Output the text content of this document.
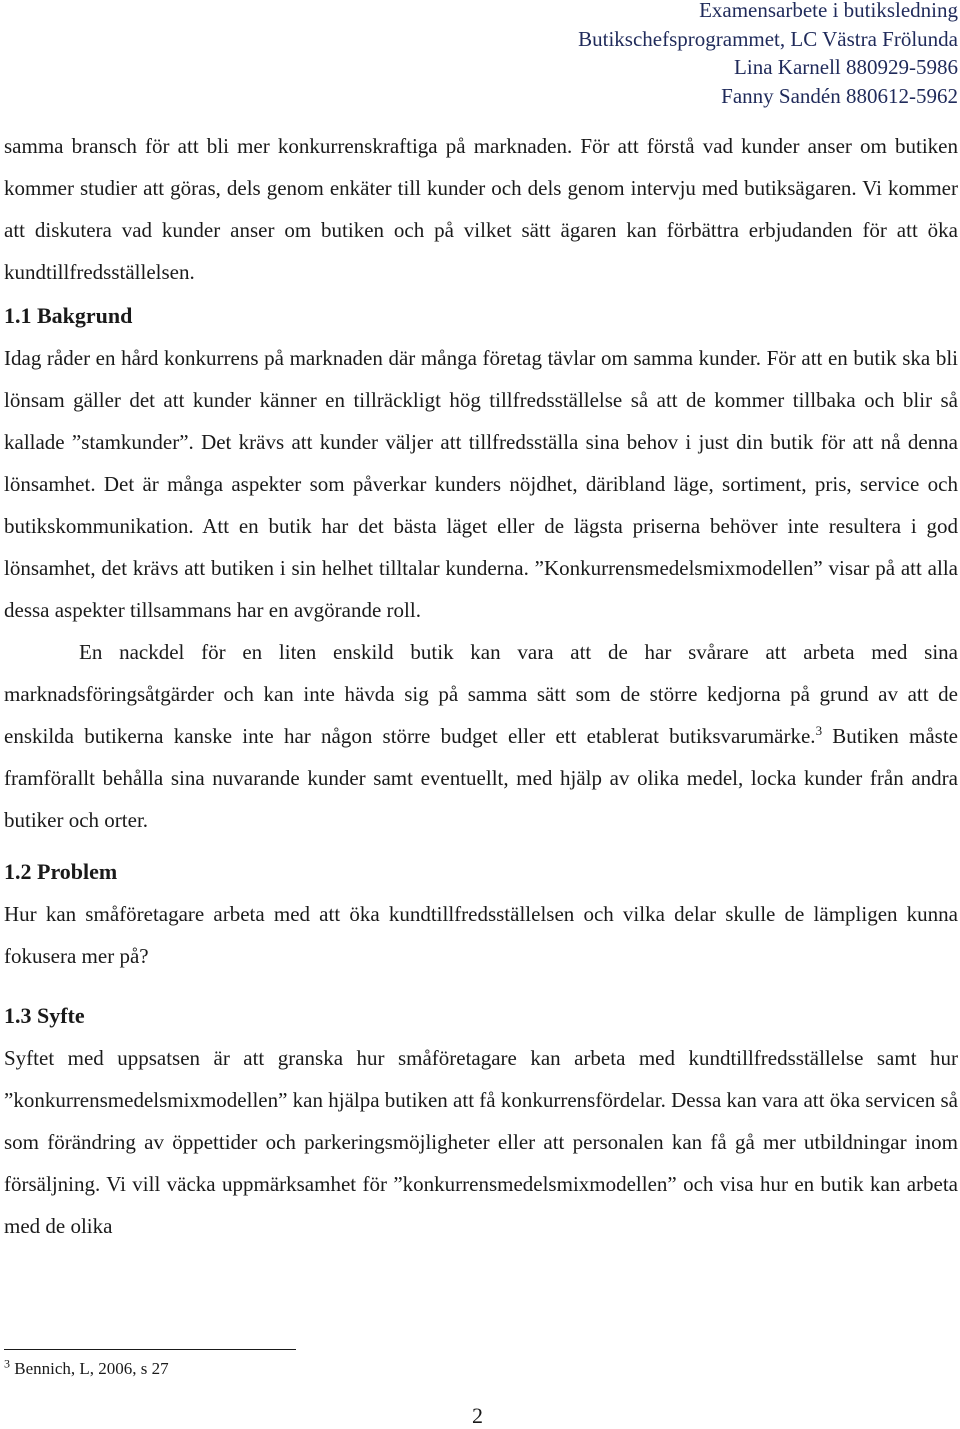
Examensarbete i butiksledning
Butikschefsprogrammet, LC Västra Frölunda
Lina Karnell 880929-5986
Fanny Sandén 880612-5962

samma bransch för att bli mer konkurrenskraftiga på marknaden. För att förstå vad kunder anser om butiken kommer studier att göras, dels genom enkäter till kunder och dels genom intervju med butiksägaren. Vi kommer att diskutera vad kunder anser om butiken och på vilket sätt ägaren kan förbättra erbjudanden för att öka kundtillfredsställelsen.

1.1 Bakgrund

Idag råder en hård konkurrens på marknaden där många företag tävlar om samma kunder. För att en butik ska bli lönsam gäller det att kunder känner en tillräckligt hög tillfredsställelse så att de kommer tillbaka och blir så kallade ”stamkunder”. Det krävs att kunder väljer att tillfredsställa sina behov i just din butik för att nå denna lönsamhet. Det är många aspekter som påverkar kunders nöjdhet, däribland läge, sortiment, pris, service och butikskommunikation. Att en butik har det bästa läget eller de lägsta priserna behöver inte resultera i god lönsamhet, det krävs att butiken i sin helhet tilltalar kunderna. ”Konkurrensmedelsmixmodellen” visar på att alla dessa aspekter tillsammans har en avgörande roll.

En nackdel för en liten enskild butik kan vara att de har svårare att arbeta med sina marknadsföringsåtgärder och kan inte hävda sig på samma sätt som de större kedjorna på grund av att de enskilda butikerna kanske inte har någon större budget eller ett etablerat butiksvarumärke.$^3$ Butiken måste framförallt behålla sina nuvarande kunder samt eventuellt, med hjälp av olika medel, locka kunder från andra butiker och orter.

1.2 Problem

Hur kan småföretagare arbeta med att öka kundtillfredsställelsen och vilka delar skulle de lämpligen kunna fokusera mer på?

1.3 Syfte

Syftet med uppsatsen är att granska hur småföretagare kan arbeta med kundtillfredsställelse samt hur ”konkurrensmedelsmixmodellen” kan hjälpa butiken att få konkurrensfördelar. Dessa kan vara att öka servicen så som förändring av öppettider och parkeringsmöjligheter eller att personalen kan få gå mer utbildningar inom försäljning. Vi vill väcka uppmärksamhet för ”konkurrensmedelsmixmodellen” och visa hur en butik kan arbeta med de olika

$^3$ Bennich, L, 2006, s 27
2
